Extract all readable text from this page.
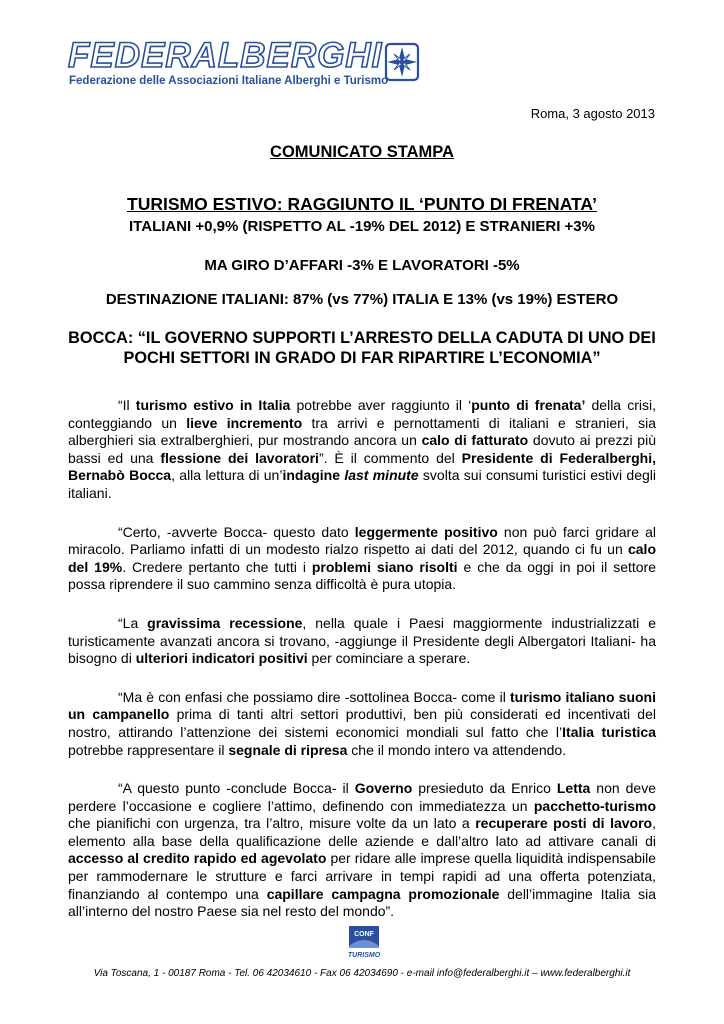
FEDERALBERGHI
Federazione delle Associazioni Italiane Alberghi e Turismo
Roma, 3 agosto 2013
COMUNICATO STAMPA
TURISMO ESTIVO: RAGGIUNTO IL ‘PUNTO DI FRENATA’
ITALIANI +0,9% (RISPETTO AL -19% DEL 2012) E STRANIERI +3%
MA GIRO D’AFFARI -3% E LAVORATORI -5%
DESTINAZIONE ITALIANI: 87% (vs 77%) ITALIA E 13% (vs 19%) ESTERO
BOCCA: “IL GOVERNO SUPPORTI L’ARRESTO DELLA CADUTA DI UNO DEI POCHI SETTORI IN GRADO DI FAR RIPARTIRE L’ECONOMIA”

“Il turismo estivo in Italia potrebbe aver raggiunto il ‘punto di frenata’ della crisi, conteggiando un lieve incremento tra arrivi e pernottamenti di italiani e stranieri, sia alberghieri sia extralberghieri, pur mostrando ancora un calo di fatturato dovuto ai prezzi più bassi ed una flessione dei lavoratori”. È il commento del Presidente di Federalberghi, Bernabò Bocca, alla lettura di un’indagine last minute svolta sui consumi turistici estivi degli italiani.

“Certo, -avverte Bocca- questo dato leggermente positivo non può farci gridare al miracolo. Parliamo infatti di un modesto rialzo rispetto ai dati del 2012, quando ci fu un calo del 19%. Credere pertanto che tutti i problemi siano risolti e che da oggi in poi il settore possa riprendere il suo cammino senza difficoltà è pura utopia.

“La gravissima recessione, nella quale i Paesi maggiormente industrializzati e turisticamente avanzati ancora si trovano, -aggiunge il Presidente degli Albergatori Italiani- ha bisogno di ulteriori indicatori positivi per cominciare a sperare.

“Ma è con enfasi che possiamo dire -sottolinea Bocca- come il turismo italiano suoni un campanello prima di tanti altri settori produttivi, ben più considerati ed incentivati del nostro, attirando l’attenzione dei sistemi economici mondiali sul fatto che l’Italia turistica potrebbe rappresentare il segnale di ripresa che il mondo intero va attendendo.

“A questo punto -conclude Bocca- il Governo presieduto da Enrico Letta non deve perdere l’occasione e cogliere l’attimo, definendo con immediatezza un pacchetto-turismo che pianifichi con urgenza, tra l’altro, misure volte da un lato a recuperare posti di lavoro, elemento alla base della qualificazione delle aziende e dall’altro lato ad attivare canali di accesso al credito rapido ed agevolato per ridare alle imprese quella liquidità indispensabile per rammodernare le strutture e farci arrivare in tempi rapidi ad una offerta potenziata, finanziando al contempo una capillare campagna promozionale dell’immagine Italia sia all’interno del nostro Paese sia nel resto del mondo”.

CONF
TURISMO
Via Toscana, 1 - 00187 Roma - Tel. 06 42034610 - Fax 06 42034690 - e-mail info@federalberghi.it – www.federalberghi.it
